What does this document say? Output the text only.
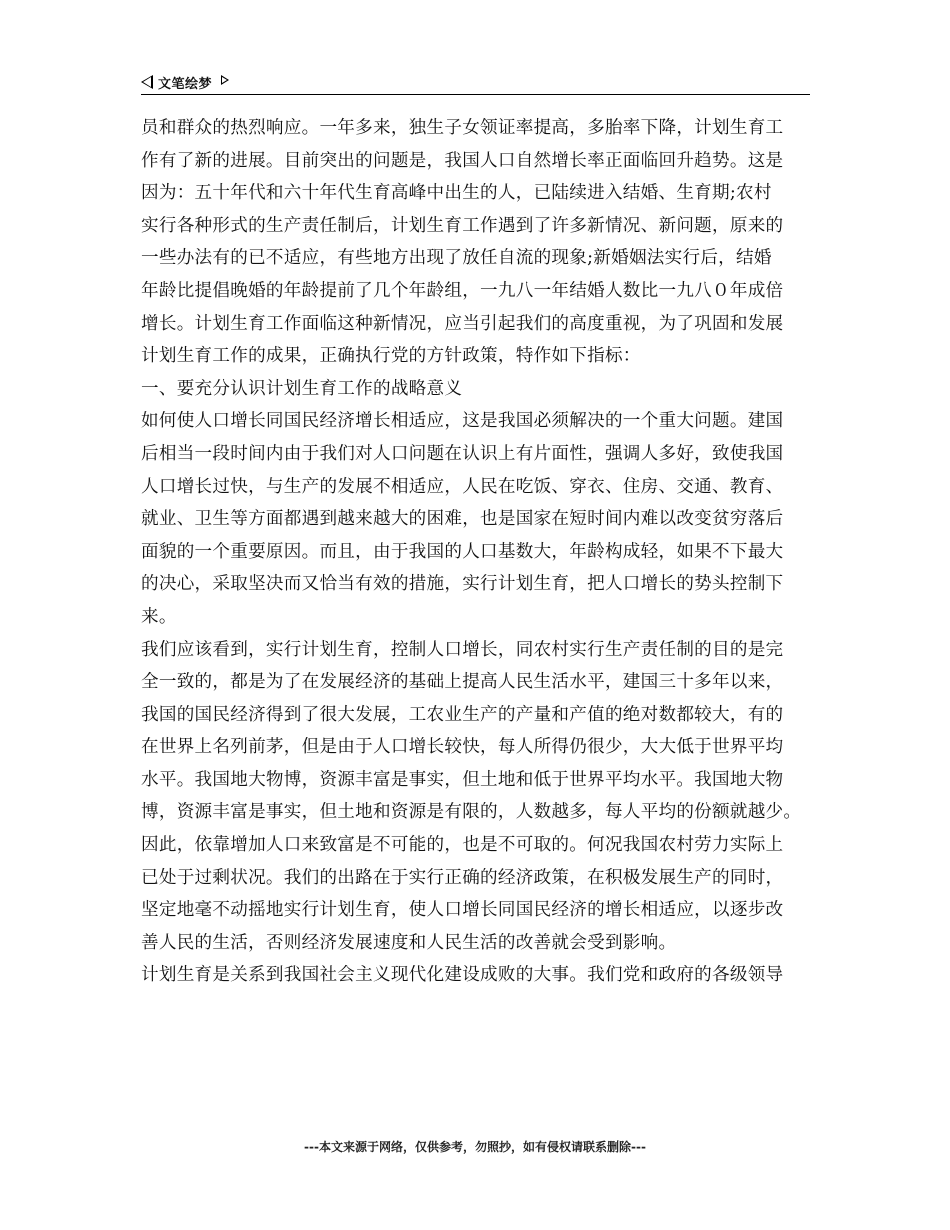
文笔绘梦
员和群众的热烈响应。一年多来，独生子女领证率提高，多胎率下降，计划生育工
作有了新的进展。目前突出的问题是，我国人口自然增长率正面临回升趋势。这是
因为：五十年代和六十年代生育高峰中出生的人，已陆续进入结婚、生育期;农村
实行各种形式的生产责任制后，计划生育工作遇到了许多新情况、新问题，原来的
一些办法有的已不适应，有些地方出现了放任自流的现象;新婚姻法实行后，结婚
年龄比提倡晚婚的年龄提前了几个年龄组，一九八一年结婚人数比一九八０年成倍
增长。计划生育工作面临这种新情况，应当引起我们的高度重视，为了巩固和发展
计划生育工作的成果，正确执行党的方针政策，特作如下指标：
一、要充分认识计划生育工作的战略意义
如何使人口增长同国民经济增长相适应，这是我国必须解决的一个重大问题。建国
后相当一段时间内由于我们对人口问题在认识上有片面性，强调人多好，致使我国
人口增长过快，与生产的发展不相适应，人民在吃饭、穿衣、住房、交通、教育、
就业、卫生等方面都遇到越来越大的困难，也是国家在短时间内难以改变贫穷落后
面貌的一个重要原因。而且，由于我国的人口基数大，年龄构成轻，如果不下最大
的决心，采取坚决而又恰当有效的措施，实行计划生育，把人口增长的势头控制下
来。
我们应该看到，实行计划生育，控制人口增长，同农村实行生产责任制的目的是完
全一致的，都是为了在发展经济的基础上提高人民生活水平，建国三十多年以来，
我国的国民经济得到了很大发展，工农业生产的产量和产值的绝对数都较大，有的
在世界上名列前茅，但是由于人口增长较快，每人所得仍很少，大大低于世界平均
水平。我国地大物博，资源丰富是事实，但土地和低于世界平均水平。我国地大物
博，资源丰富是事实，但土地和资源是有限的，人数越多，每人平均的份额就越少。
因此，依靠增加人口来致富是不可能的，也是不可取的。何况我国农村劳力实际上
已处于过剩状况。我们的出路在于实行正确的经济政策，在积极发展生产的同时，
坚定地毫不动摇地实行计划生育，使人口增长同国民经济的增长相适应，以逐步改
善人民的生活，否则经济发展速度和人民生活的改善就会受到影响。
计划生育是关系到我国社会主义现代化建设成败的大事。我们党和政府的各级领导
---本文来源于网络，仅供参考，勿照抄，如有侵权请联系删除---
